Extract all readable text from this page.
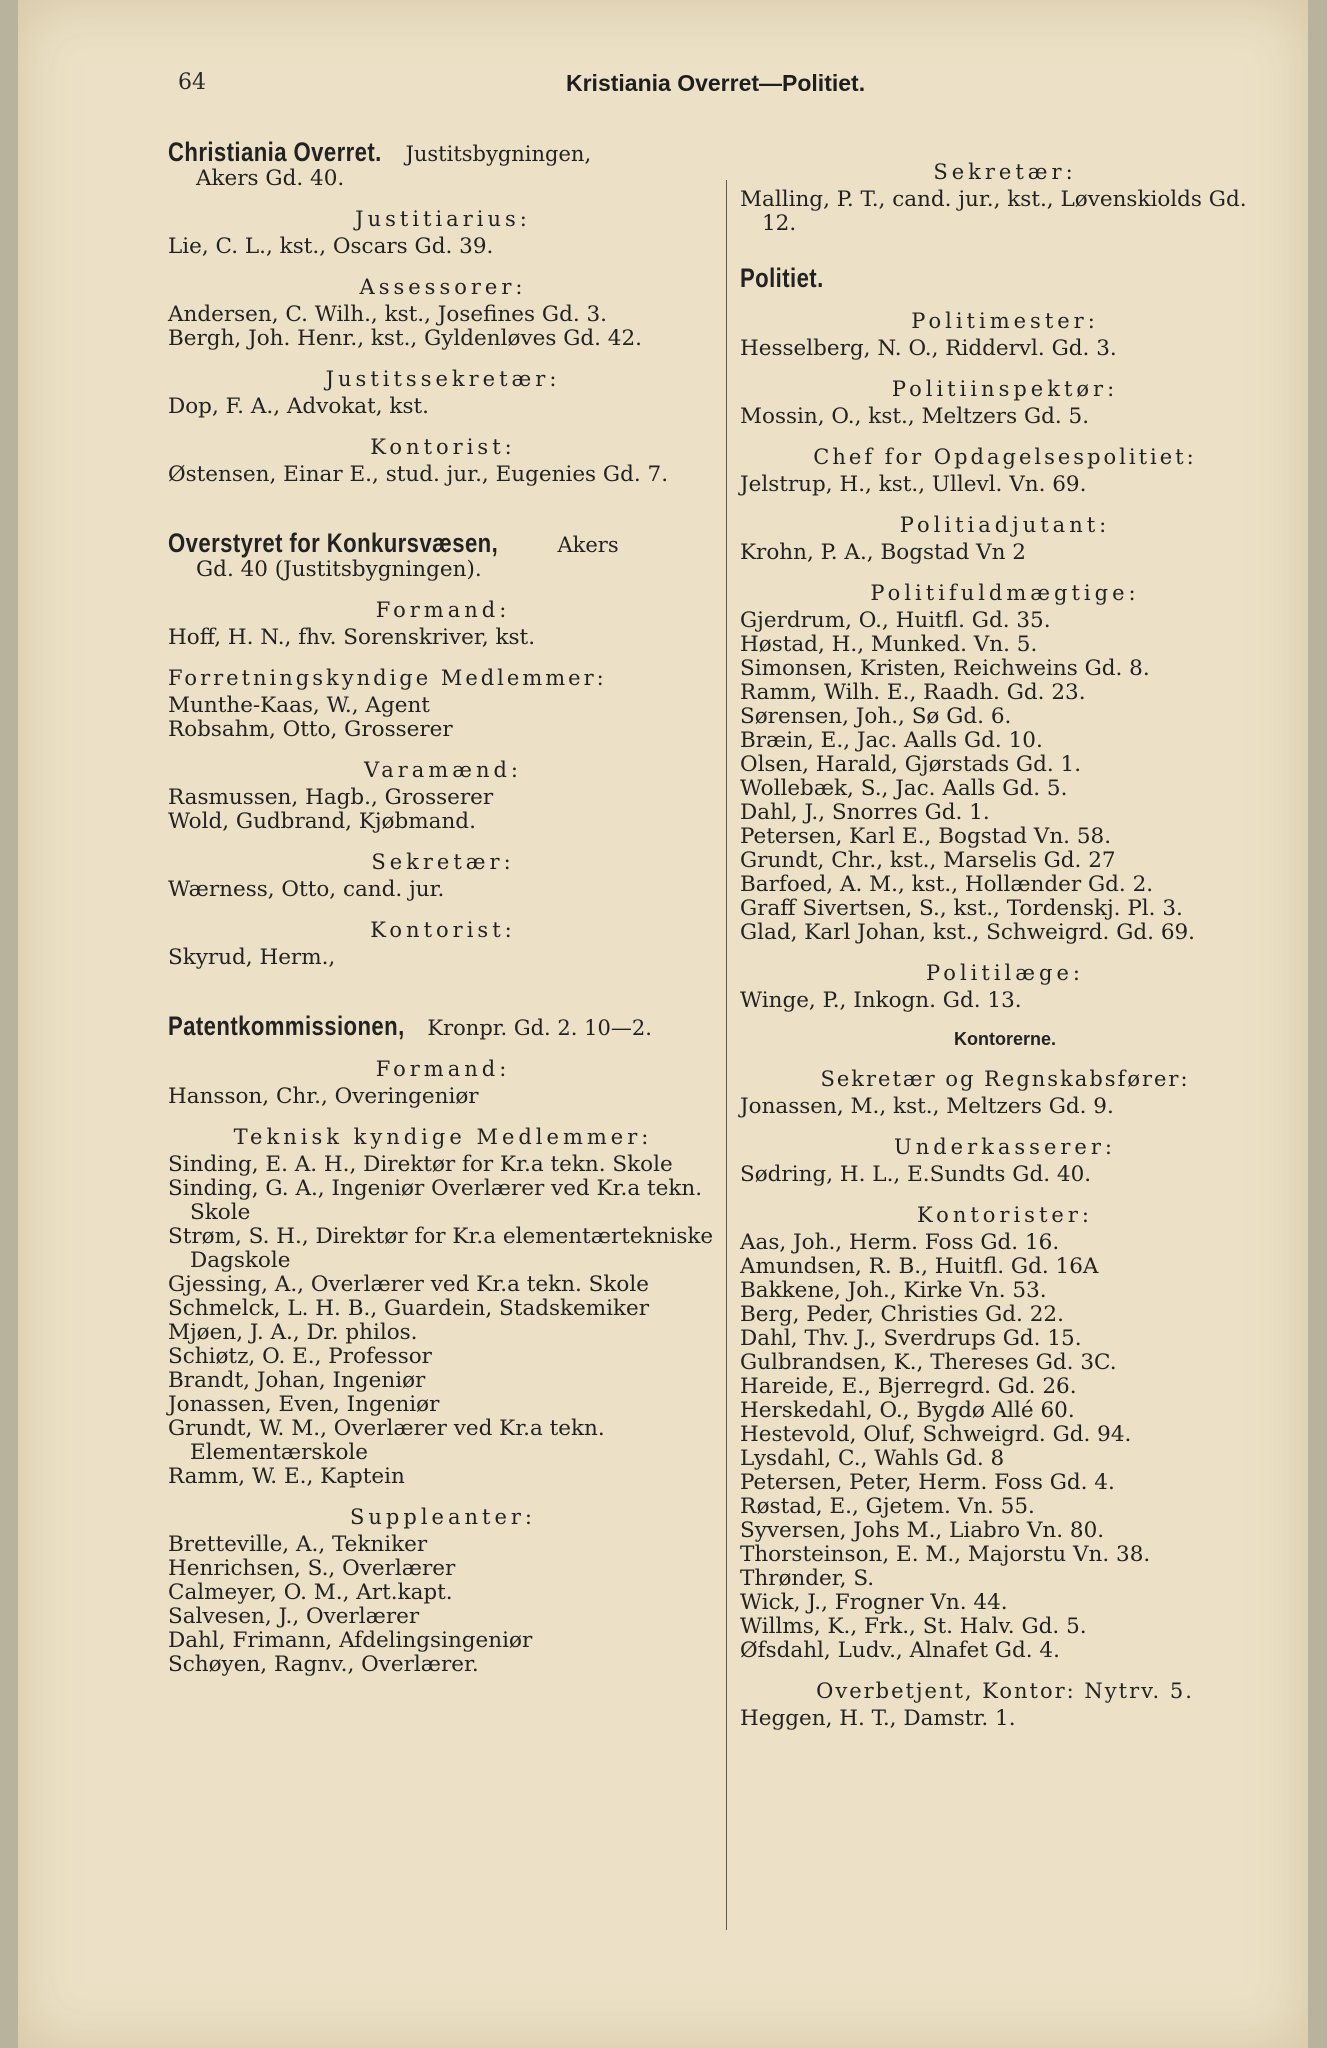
64	Kristiania Overret—Politiet.
Christiania Overret. Justitsbygningen,
Akers Gd. 40.
Justitiarius:
Lie, C. L., kst., Oscars Gd. 39.
Assessorer:
Andersen, C. Wilh., kst., Josefines Gd. 3.
Bergh, Joh. Henr., kst., Gyldenløves Gd. 42.
Justitssekretær:
Dop, F. A., Advokat, kst.
Kontorist:
Østensen, Einar E., stud. jur., Eugenies Gd. 7.
Overstyret for Konkursvæsen,	Akers
Gd. 40 (Justitsbygningen).
Formand:
Hoff, H. N., fhv. Sorenskriver, kst.
Forretningskyndige Medlemmer:
Munthe-Kaas, W., Agent
Robsahm, Otto, Grosserer
Varamænd:
Rasmussen, Hagb., Grosserer
Wold, Gudbrand, Kjøbmand.
Sekretær:
Wærness, Otto, cand. jur.
Kontorist:
Skyrud, Herm.,
Patentkommissionen, Kronpr. Gd. 2. 10—2.
Formand:
Hansson, Chr., Overingeniør
Teknisk kyndige Medlemmer:
Sinding, E. A. H., Direktør for Kr.a tekn. Skole
Sinding, G. A., Ingeniør Overlærer ved Kr.a tekn. Skole
Strøm, S. H., Direktør for Kr.a elementærtekniske Dagskole
Gjessing, A., Overlærer ved Kr.a tekn. Skole
Schmelck, L. H. B., Guardein, Stadskemiker
Mjøen, J. A., Dr. philos.
Schiøtz, O. E., Professor
Brandt, Johan, Ingeniør
Jonassen, Even, Ingeniør
Grundt, W. M., Overlærer ved Kr.a tekn. Elementærskole
Ramm, W. E., Kaptein
Suppleanter:
Bretteville, A., Tekniker
Henrichsen, S., Overlærer
Calmeyer, O. M., Art.kapt.
Salvesen, J., Overlærer
Dahl, Frimann, Afdelingsingeniør
Schøyen, Ragnv., Overlærer.
Sekretær:
Malling, P. T., cand. jur., kst., Løvenskiolds Gd. 12.
Politiet.
Politimester:
Hesselberg, N. O., Riddervl. Gd. 3.
Politiinspektør:
Mossin, O., kst., Meltzers Gd. 5.
Chef for Opdagelsespolitiet:
Jelstrup, H., kst., Ullevl. Vn. 69.
Politiadjutant:
Krohn, P. A., Bogstad Vn 2
Politifuldmægtige:
Gjerdrum, O., Huitfl. Gd. 35.
Høstad, H., Munked. Vn. 5.
Simonsen, Kristen, Reichweins Gd. 8.
Ramm, Wilh. E., Raadh. Gd. 23.
Sørensen, Joh., Sø Gd. 6.
Bræin, E., Jac. Aalls Gd. 10.
Olsen, Harald, Gjørstads Gd. 1.
Wollebæk, S., Jac. Aalls Gd. 5.
Dahl, J., Snorres Gd. 1.
Petersen, Karl E., Bogstad Vn. 58.
Grundt, Chr., kst., Marselis Gd. 27
Barfoed, A. M., kst., Hollænder Gd. 2.
Graff Sivertsen, S., kst., Tordenskj. Pl. 3.
Glad, Karl Johan, kst., Schweigrd. Gd. 69.
Politilæge:
Winge, P., Inkogn. Gd. 13.
Kontorerne.
Sekretær og Regnskabsfører:
Jonassen, M., kst., Meltzers Gd. 9.
Underkasserer:
Sødring, H. L., E.Sundts Gd. 40.
Kontorister:
Aas, Joh., Herm. Foss Gd. 16.
Amundsen, R. B., Huitfl. Gd. 16A
Bakkene, Joh., Kirke Vn. 53.
Berg, Peder, Christies Gd. 22.
Dahl, Thv. J., Sverdrups Gd. 15.
Gulbrandsen, K., Thereses Gd. 3C.
Hareide, E., Bjerregrd. Gd. 26.
Herskedahl, O., Bygdø Allé 60.
Hestevold, Oluf, Schweigrd. Gd. 94.
Lysdahl, C., Wahls Gd. 8
Petersen, Peter, Herm. Foss Gd. 4.
Røstad, E., Gjetem. Vn. 55.
Syversen, Johs M., Liabro Vn. 80.
Thorsteinson, E. M., Majorstu Vn. 38.
Thrønder, S.
Wick, J., Frogner Vn. 44.
Willms, K., Frk., St. Halv. Gd. 5.
Øfsdahl, Ludv., Alnafet Gd. 4.
Overbetjent, Kontor: Nytrv. 5.
Heggen, H. T., Damstr. 1.
